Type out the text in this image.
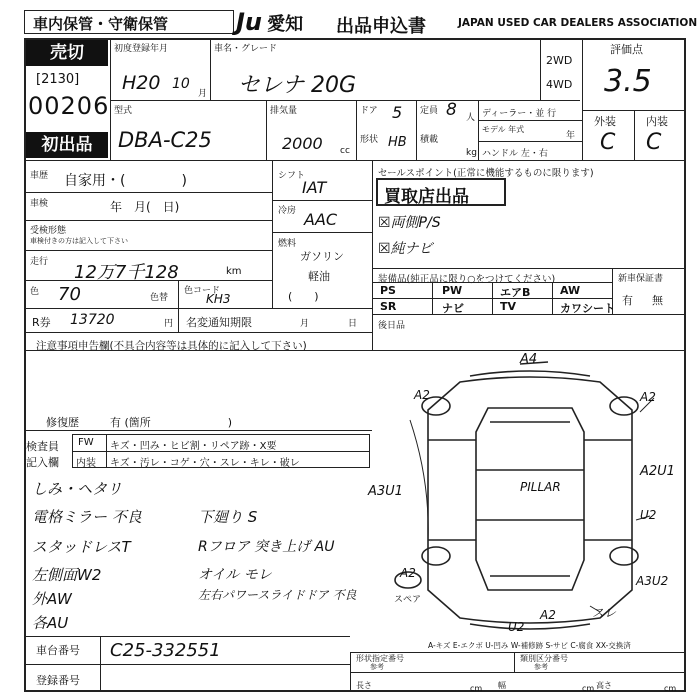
車内保管・守衛保管	Ju 愛知 出品申込書	JAPAN USED CAR DEALERS ASSOCIATION
売切
[2130]
00206
初出品
初度登録年月
H20 10
月
車名・グレード
セレナ 20G
2WD
4WD
評価点
3.5
外装	内装
C C
型式
DBA-C25
排気量
2000 cc
ドア 5
形状 HB
定員 8 人
積載
kg
ディーラー・並 行
モデル 年式
年
ハンドル 左・右
車歴 自家用・(　　　　)
車検	年　月(　日)
受検形態
車検付きの方は記入して下さい
走行 12万7千128	km
色 70	色替
色コード
KH3
シフト
IAT
冷房 AAC
燃料
ガソリン
軽油
(　　)
R券 13720	円 名変通知期限	月	日
注意事項申告欄(不具合内容等は具体的に記入して下さい)
修復歴	有 (箇所　　　　　　　)
検査員
記入欄
FW キズ・凹み・ヒビ割・リペア跡・X要
内装 キズ・汚レ・コゲ・穴・スレ・キレ・破レ
セールスポイント(正常に機能するものに限ります)
買取店出品
☒両側P/S
☒純ナビ
装備品(純正品に限り○をつけてください)	新車保証書
有 無
後日品
スペア
A-キズ E-エクボ U-凹み W-補修跡 S-サビ C-腐食 XX-交換済
車台番号 C25-332551
登録番号
形状指定番号
参考
類別区分番号
参考
長さ	cm 幅	cm 高さ	cm
しみ・ヘタリ
電格ミラー 不良
スタッドレスT
左側面W2
外AW
各AU
下廻り S
Rフロア 突き上げ AU
オイル モレ
左右パワースライドドア 不良
PS	PW	エアB	AW
SR	ナビ	TV	カワシート
A4
A2	A2
A2U1
A3U1	PILLAR
U2
A2
A3U2
A2
U2
スレ
